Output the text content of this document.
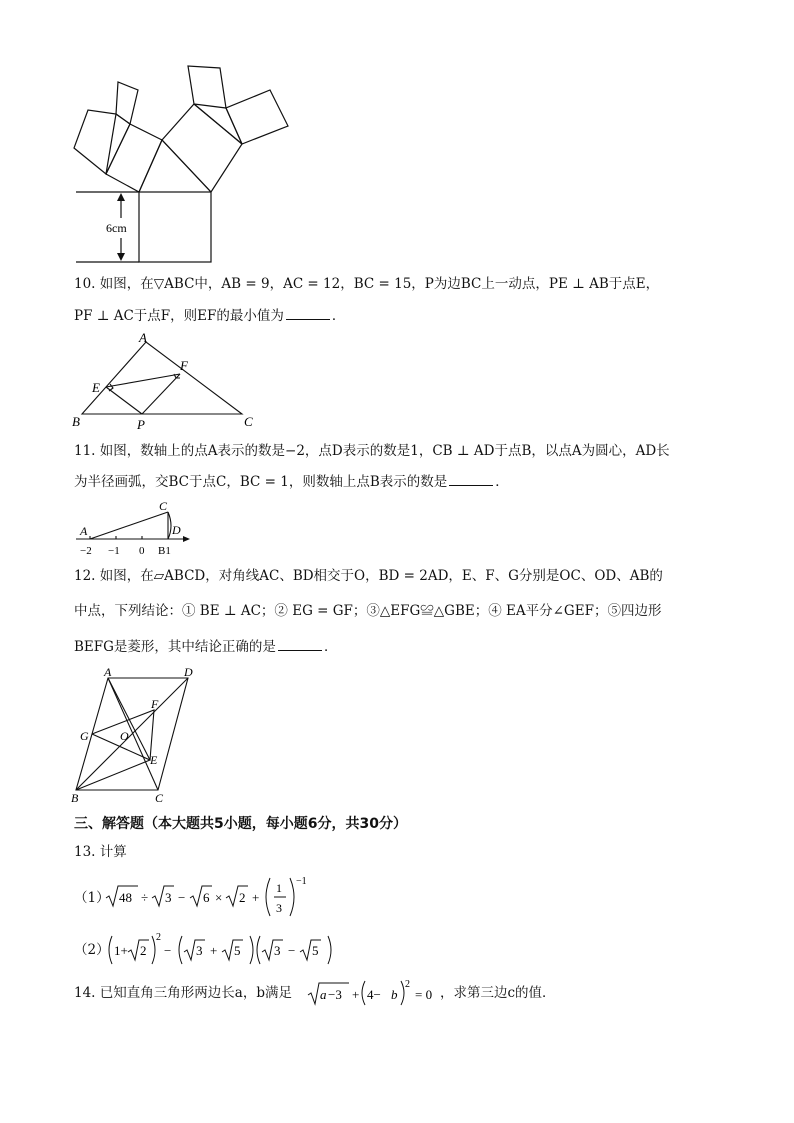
6cm
10. 如图，在▽ABC中，AB = 9，AC = 12，BC = 15，P为边BC上一动点，PE ⊥ AB于点E，
PF ⊥ AC于点F，则EF的最小值为	．
A
B	C
E
F
P
11. 如图，数轴上的点A表示的数是−2，点D表示的数是1，CB ⊥ AD于点B，以点A为圆心，AD长
为半径画弧，交BC于点C，BC = 1，则数轴上点B表示的数是	．
A
C
D
−2 −1 0 B1
12. 如图，在▱ABCD，对角线AC、BD相交于O，BD = 2AD，E、F、G分别是OC、OD、AB的
中点，下列结论：① BE ⊥ AC；② EG = GF；③△EFG≌△GBE；④ EA平分∠GEF；⑤四边形
BEFG是菱形，其中结论正确的是	．
A	D
B	C
F
G	O
E
三、解答题（本大题共5小题，每小题6分，共30分）
13. 计算
（1） 48 ÷ 3 − 6 × 2 +
1
3
−1
（2） 1+ 2
2
− 3 + 5	3 − 5
14. 已知直角三角形两边长a，b满足 a −3 + 4− b
2
= 0 ，求第三边c的值．
